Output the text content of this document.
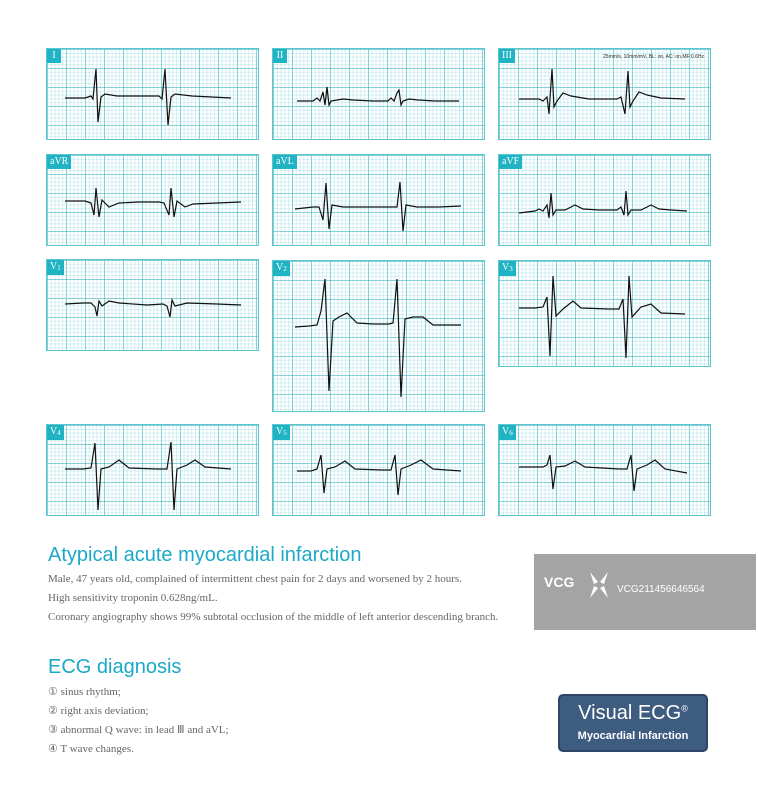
I	II	III	25mm/s, 10mm/mV, BL: on, AC: on,MF:0.6Hz
aVR	aVL	aVF
$V_1$	$V_2$	$V_3$
$V_4$	$V_5$	$V_6$
Atypical acute myocardial infarction
Male, 47 years old, complained of intermittent chest pain for 2 days and worsened by 2 hours.
High sensitivity troponin 0.628ng/mL.
Coronary angiography shows 99% subtotal occlusion of the middle of left anterior descending branch.
ECG diagnosis
① sinus rhythm;
② right axis deviation;
③ abnormal Q wave: in lead Ⅲ and aVL;
④ T wave changes.
VCG	VCG211456646564
Visual ECG®
Myocardial Infarction
